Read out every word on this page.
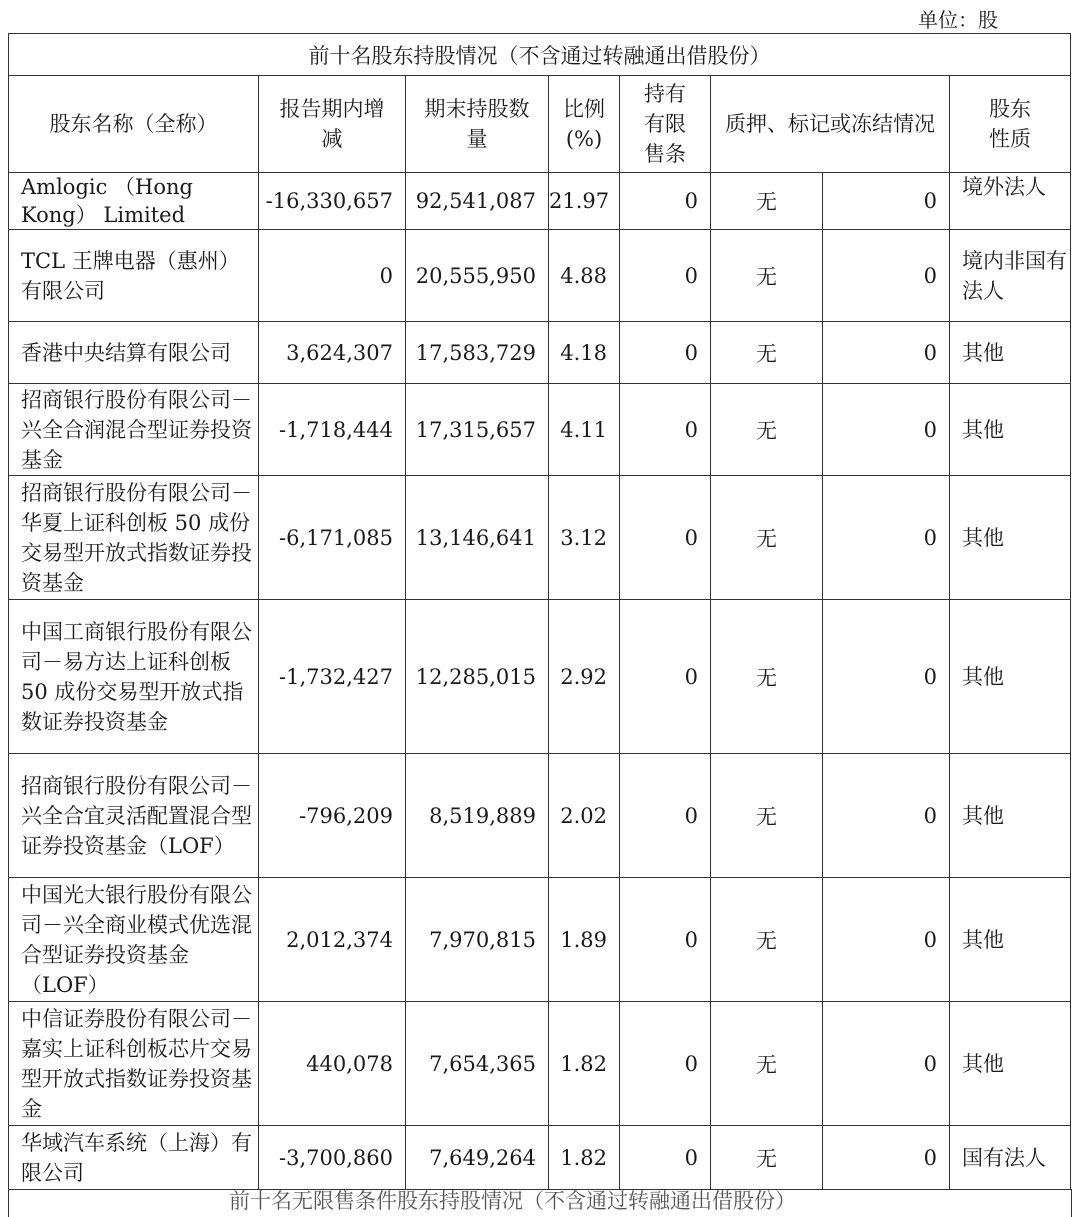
单位：股
前十名股东持股情况（不含通过转融通出借股份）							
股东名称（全称）	报告期内增减	期末持股数量	比例(%)	持有有限售条	质押、标记或冻结情况		股东性质
Amlogic （Hong Kong） Limited	-16,330,657	92,541,087	21.97	0	无	0	境外法人
TCL 王牌电器（惠州）有限公司	0	20,555,950	4.88	0	无	0	境内非国有法人
香港中央结算有限公司	3,624,307	17,583,729	4.18	0	无	0	其他
招商银行股份有限公司－兴全合润混合型证券投资基金	-1,718,444	17,315,657	4.11	0	无	0	其他
招商银行股份有限公司－华夏上证科创板 50 成份交易型开放式指数证券投资基金	-6,171,085	13,146,641	3.12	0	无	0	其他
中国工商银行股份有限公司－易方达上证科创板 50 成份交易型开放式指数证券投资基金	-1,732,427	12,285,015	2.92	0	无	0	其他
招商银行股份有限公司－兴全合宜灵活配置混合型证券投资基金（LOF）	-796,209	8,519,889	2.02	0	无	0	其他
中国光大银行股份有限公司－兴全商业模式优选混合型证券投资基金（LOF）	2,012,374	7,970,815	1.89	0	无	0	其他
中信证券股份有限公司－嘉实上证科创板芯片交易型开放式指数证券投资基金	440,078	7,654,365	1.82	0	无	0	其他
华域汽车系统（上海）有限公司	-3,700,860	7,649,264	1.82	0	无	0	国有法人
前十名无限售条件股东持股情况（不含通过转融通出借股份）
